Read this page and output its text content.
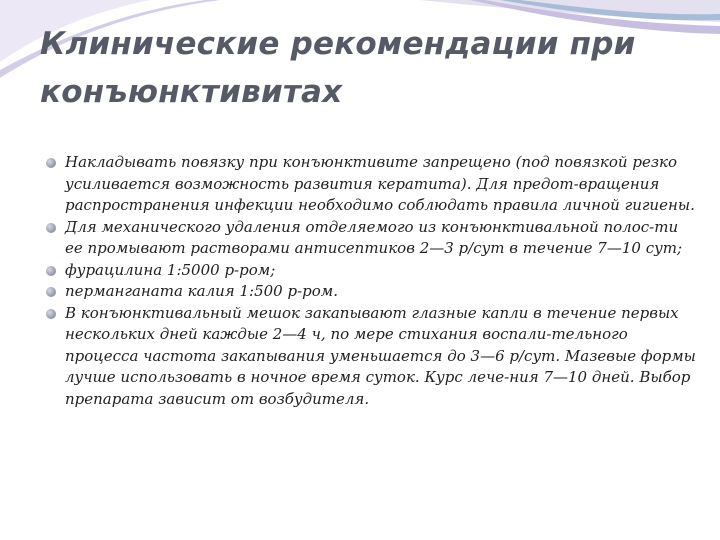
Клинические рекомендации при конъюнктивитах
Накладывать повязку при конъюнктивите запрещено (под повязкой резко усиливается возможность развития кератита). Для предот-вращения распространения инфекции необходимо соблюдать правила личной гигиены.
Для механического удаления отделяемого из конъюнктивальной полос-ти ее промывают растворами антисептиков 2—3 р/сут в течение 7—10 сут;
фурацилина 1:5000 р-ром;
перманганата калия 1:500 р-ром.
В конъюнктивальный мешок закапывают глазные капли в течение первых нескольких дней каждые 2—4 ч, по мере стихания воспали-тельного процесса частота закапывания уменьшается до 3—6 р/сут. Мазевые формы лучше использовать в ночное время суток. Курс лече-ния 7—10 дней. Выбор препарата зависит от возбудителя.
